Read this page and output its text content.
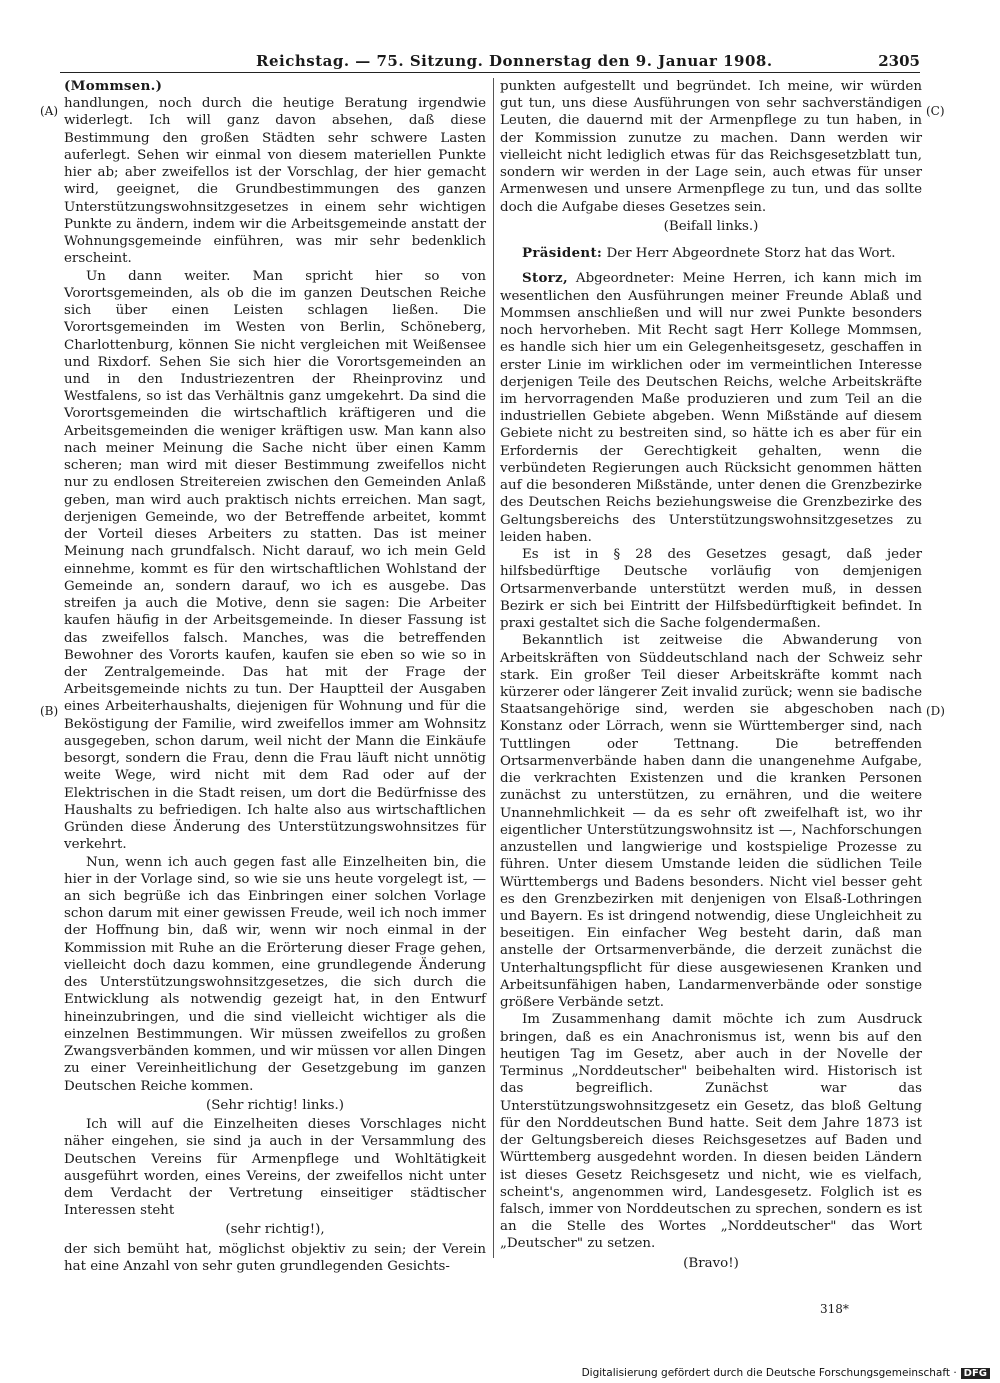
Reichstag. — 75. Sitzung. Donnerstag den 9. Januar 1908.	2305
(A)
(B)
(C)
(D)

(Mommsen.)

handlungen, noch durch die heutige Beratung irgendwie widerlegt. Ich will ganz davon absehen, daß diese Bestimmung den großen Städten sehr schwere Lasten auferlegt. Sehen wir einmal von diesem materiellen Punkte hier ab; aber zweifellos ist der Vorschlag, der hier gemacht wird, geeignet, die Grundbestimmungen des ganzen Unterstützungswohnsitzgesetzes in einem sehr wichtigen Punkte zu ändern, indem wir die Arbeitsgemeinde anstatt der Wohnungsgemeinde einführen, was mir sehr bedenklich erscheint.

Un dann weiter. Man spricht hier so von Vorortsgemeinden, als ob die im ganzen Deutschen Reiche sich über einen Leisten schlagen ließen. Die Vorortsgemeinden im Westen von Berlin, Schöneberg, Charlottenburg, können Sie nicht vergleichen mit Weißensee und Rixdorf. Sehen Sie sich hier die Vorortsgemeinden an und in den Industriezentren der Rheinprovinz und Westfalens, so ist das Verhältnis ganz umgekehrt. Da sind die Vorortsgemeinden die wirtschaftlich kräftigeren und die Arbeitsgemeinden die weniger kräftigen usw. Man kann also nach meiner Meinung die Sache nicht über einen Kamm scheren; man wird mit dieser Bestimmung zweifellos nicht nur zu endlosen Streitereien zwischen den Gemeinden Anlaß geben, man wird auch praktisch nichts erreichen. Man sagt, derjenigen Gemeinde, wo der Betreffende arbeitet, kommt der Vorteil dieses Arbeiters zu statten. Das ist meiner Meinung nach grundfalsch. Nicht darauf, wo ich mein Geld einnehme, kommt es für den wirtschaftlichen Wohlstand der Gemeinde an, sondern darauf, wo ich es ausgebe. Das streifen ja auch die Motive, denn sie sagen: Die Arbeiter kaufen häufig in der Arbeitsgemeinde. In dieser Fassung ist das zweifellos falsch. Manches, was die betreffenden Bewohner des Vororts kaufen, kaufen sie eben so wie so in der Zentralgemeinde. Das hat mit der Frage der Arbeitsgemeinde nichts zu tun. Der Hauptteil der Ausgaben eines Arbeiterhaushalts, diejenigen für Wohnung und für die Beköstigung der Familie, wird zweifellos immer am Wohnsitz ausgegeben, schon darum, weil nicht der Mann die Einkäufe besorgt, sondern die Frau, denn die Frau läuft nicht unnötig weite Wege, wird nicht mit dem Rad oder auf der Elektrischen in die Stadt reisen, um dort die Bedürfnisse des Haushalts zu befriedigen. Ich halte also aus wirtschaftlichen Gründen diese Änderung des Unterstützungswohnsitzes für verkehrt.

Nun, wenn ich auch gegen fast alle Einzelheiten bin, die hier in der Vorlage sind, so wie sie uns heute vorgelegt ist, — an sich begrüße ich das Einbringen einer solchen Vorlage schon darum mit einer gewissen Freude, weil ich noch immer der Hoffnung bin, daß wir, wenn wir noch einmal in der Kommission mit Ruhe an die Erörterung dieser Frage gehen, vielleicht doch dazu kommen, eine grundlegende Änderung des Unterstützungswohnsitzgesetzes, die sich durch die Entwicklung als notwendig gezeigt hat, in den Entwurf hineinzubringen, und die sind vielleicht wichtiger als die einzelnen Bestimmungen. Wir müssen zweifellos zu großen Zwangsverbänden kommen, und wir müssen vor allen Dingen zu einer Vereinheitlichung der Gesetzgebung im ganzen Deutschen Reiche kommen.

(Sehr richtig! links.)

Ich will auf die Einzelheiten dieses Vorschlages nicht näher eingehen, sie sind ja auch in der Versammlung des Deutschen Vereins für Armenpflege und Wohltätigkeit ausgeführt worden, eines Vereins, der zweifellos nicht unter dem Verdacht der Vertretung einseitiger städtischer Interessen steht

(sehr richtig!),

der sich bemüht hat, möglichst objektiv zu sein; der Verein hat eine Anzahl von sehr guten grundlegenden Gesichts-

punkten aufgestellt und begründet. Ich meine, wir würden gut tun, uns diese Ausführungen von sehr sachverständigen Leuten, die dauernd mit der Armenpflege zu tun haben, in der Kommission zunutze zu machen. Dann werden wir vielleicht nicht lediglich etwas für das Reichsgesetzblatt tun, sondern wir werden in der Lage sein, auch etwas für unser Armenwesen und unsere Armenpflege zu tun, und das sollte doch die Aufgabe dieses Gesetzes sein.

(Beifall links.)

Präsident: Der Herr Abgeordnete Storz hat das Wort.

Storz, Abgeordneter: Meine Herren, ich kann mich im wesentlichen den Ausführungen meiner Freunde Ablaß und Mommsen anschließen und will nur zwei Punkte besonders noch hervorheben. Mit Recht sagt Herr Kollege Mommsen, es handle sich hier um ein Gelegenheitsgesetz, geschaffen in erster Linie im wirklichen oder im vermeintlichen Interesse derjenigen Teile des Deutschen Reichs, welche Arbeitskräfte im hervorragenden Maße produzieren und zum Teil an die industriellen Gebiete abgeben. Wenn Mißstände auf diesem Gebiete nicht zu bestreiten sind, so hätte ich es aber für ein Erfordernis der Gerechtigkeit gehalten, wenn die verbündeten Regierungen auch Rücksicht genommen hätten auf die besonderen Mißstände, unter denen die Grenzbezirke des Deutschen Reichs beziehungsweise die Grenzbezirke des Geltungsbereichs des Unterstützungswohnsitzgesetzes zu leiden haben.

Es ist in § 28 des Gesetzes gesagt, daß jeder hilfsbedürftige Deutsche vorläufig von demjenigen Ortsarmenverbande unterstützt werden muß, in dessen Bezirk er sich bei Eintritt der Hilfsbedürftigkeit befindet. In praxi gestaltet sich die Sache folgendermaßen.

Bekanntlich ist zeitweise die Abwanderung von Arbeitskräften von Süddeutschland nach der Schweiz sehr stark. Ein großer Teil dieser Arbeitskräfte kommt nach kürzerer oder längerer Zeit invalid zurück; wenn sie badische Staatsangehörige sind, werden sie abgeschoben nach Konstanz oder Lörrach, wenn sie Württemberger sind, nach Tuttlingen oder Tettnang. Die betreffenden Ortsarmenverbände haben dann die unangenehme Aufgabe, die verkrachten Existenzen und die kranken Personen zunächst zu unterstützen, zu ernähren, und die weitere Unannehmlichkeit — da es sehr oft zweifelhaft ist, wo ihr eigentlicher Unterstützungswohnsitz ist —, Nachforschungen anzustellen und langwierige und kostspielige Prozesse zu führen. Unter diesem Umstande leiden die südlichen Teile Württembergs und Badens besonders. Nicht viel besser geht es den Grenzbezirken mit denjenigen von Elsaß-Lothringen und Bayern. Es ist dringend notwendig, diese Ungleichheit zu beseitigen. Ein einfacher Weg besteht darin, daß man anstelle der Ortsarmenverbände, die derzeit zunächst die Unterhaltungspflicht für diese ausgewiesenen Kranken und Arbeitsunfähigen haben, Landarmenverbände oder sonstige größere Verbände setzt.

Im Zusammenhang damit möchte ich zum Ausdruck bringen, daß es ein Anachronismus ist, wenn bis auf den heutigen Tag im Gesetz, aber auch in der Novelle der Terminus „Norddeutscher" beibehalten wird. Historisch ist das begreiflich. Zunächst war das Unterstützungswohnsitzgesetz ein Gesetz, das bloß Geltung für den Norddeutschen Bund hatte. Seit dem Jahre 1873 ist der Geltungsbereich dieses Reichsgesetzes auf Baden und Württemberg ausgedehnt worden. In diesen beiden Ländern ist dieses Gesetz Reichsgesetz und nicht, wie es vielfach, scheint's, angenommen wird, Landesgesetz. Folglich ist es falsch, immer von Norddeutschen zu sprechen, sondern es ist an die Stelle des Wortes „Norddeutscher" das Wort „Deutscher" zu setzen.

(Bravo!)

318*
Digitalisierung gefördert durch die Deutsche Forschungsgemeinschaft · DFG
